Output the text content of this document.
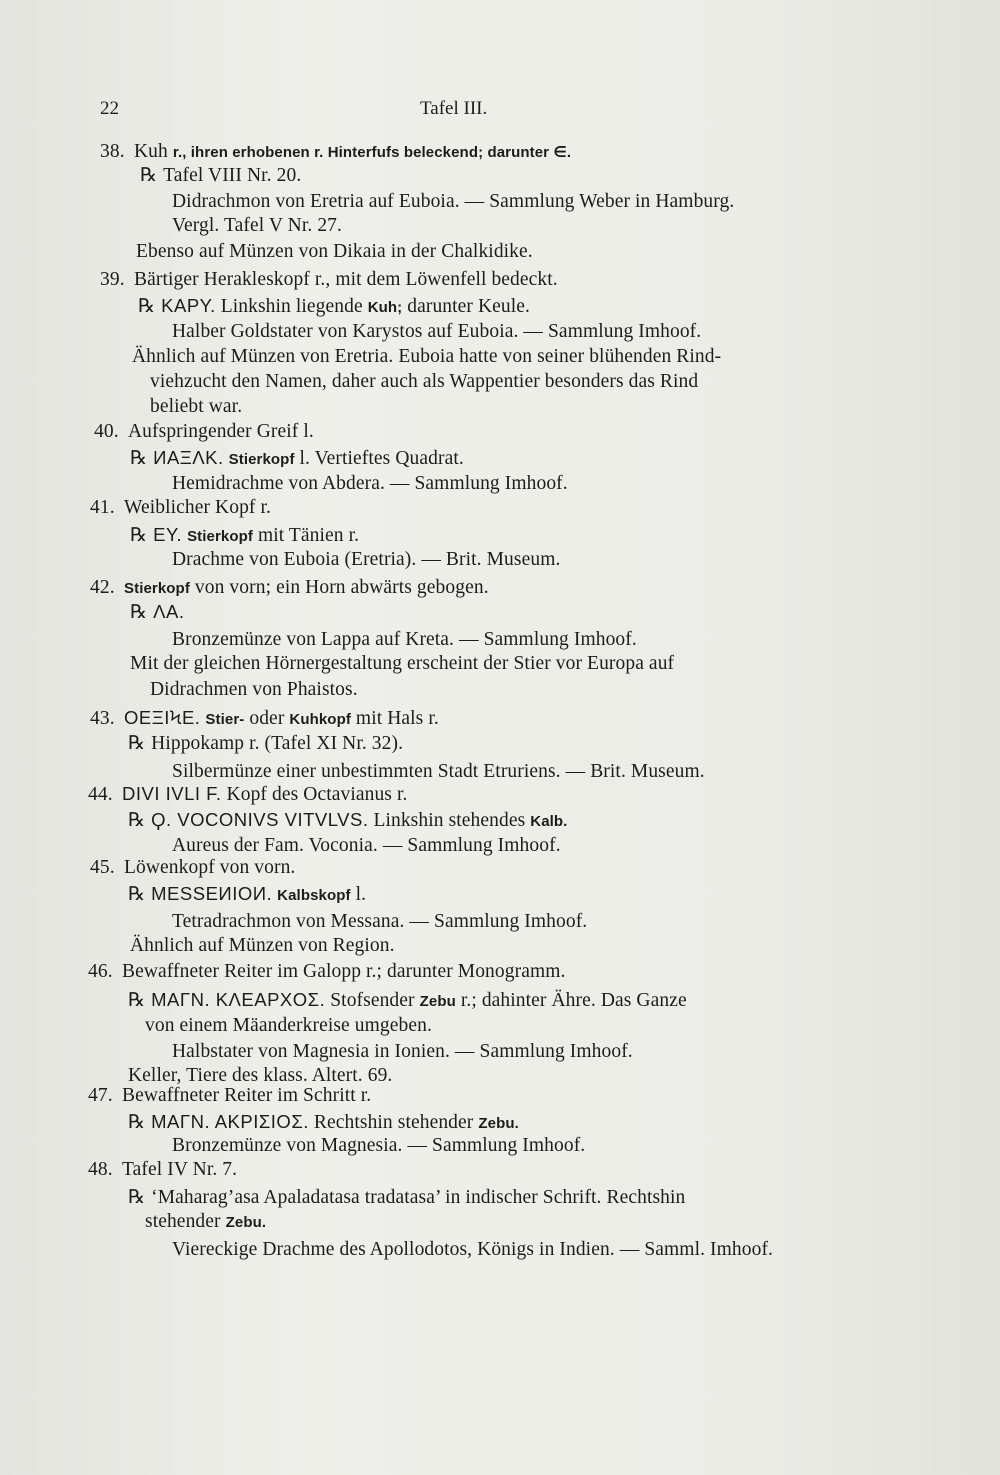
22	Tafel III.
38. Kuh r., ihren erhobenen r. Hinterfufs beleckend; darunter ∈.
℞ Tafel VIII Nr. 20.
Didrachmon von Eretria auf Euboia. — Sammlung Weber in Hamburg.
Vergl. Tafel V Nr. 27.
Ebenso auf Münzen von Dikaia in der Chalkidike.
39. Bärtiger Herakleskopf r., mit dem Löwenfell bedeckt.
℞ KAPY. Linkshin liegende Kuh; darunter Keule.
Halber Goldstater von Karystos auf Euboia. — Sammlung Imhoof.
Ähnlich auf Münzen von Eretria. Euboia hatte von seiner blühenden Rind-
viehzucht den Namen, daher auch als Wappentier besonders das Rind
beliebt war.
40. Aufspringender Greif l.
℞ ИΑΞΛΚ. Stierkopf l. Vertieftes Quadrat.
Hemidrachme von Abdera. — Sammlung Imhoof.
41. Weiblicher Kopf r.
℞ EY. Stierkopf mit Tänien r.
Drachme von Euboia (Eretria). — Brit. Museum.
42. Stierkopf von vorn; ein Horn abwärts gebogen.
℞ ΛA.
Bronzemünze von Lappa auf Kreta. — Sammlung Imhoof.
Mit der gleichen Hörnergestaltung erscheint der Stier vor Europa auf
Didrachmen von Phaistos.
43. OEΞΙϞE. Stier- oder Kuhkopf mit Hals r.
℞ Hippokamp r. (Tafel XI Nr. 32).
Silbermünze einer unbestimmten Stadt Etruriens. — Brit. Museum.
44. DIVI IVLI F. Kopf des Octavianus r.
℞ Ϙ. VOCONIVS VITVLVS. Linkshin stehendes Kalb.
Aureus der Fam. Voconia. — Sammlung Imhoof.
45. Löwenkopf von vorn.
℞ MESSEИIOИ. Kalbskopf l.
Tetradrachmon von Messana. — Sammlung Imhoof.
Ähnlich auf Münzen von Region.
46. Bewaffneter Reiter im Galopp r.; darunter Monogramm.
℞ MAΓN. KΛEAPXOΣ. Stofsender Zebu r.; dahinter Ähre. Das Ganze
von einem Mäanderkreise umgeben.
Halbstater von Magnesia in Ionien. — Sammlung Imhoof.
Keller, Tiere des klass. Altert. 69.
47. Bewaffneter Reiter im Schritt r.
℞ MAΓN. AKPIΣIOΣ. Rechtshin stehender Zebu.
Bronzemünze von Magnesia. — Sammlung Imhoof.
48. Tafel IV Nr. 7.
℞ ‘Maharag’asa Apaladatasa tradatasa’ in indischer Schrift. Rechtshin
stehender Zebu.
Viereckige Drachme des Apollodotos, Königs in Indien. — Samml. Imhoof.
